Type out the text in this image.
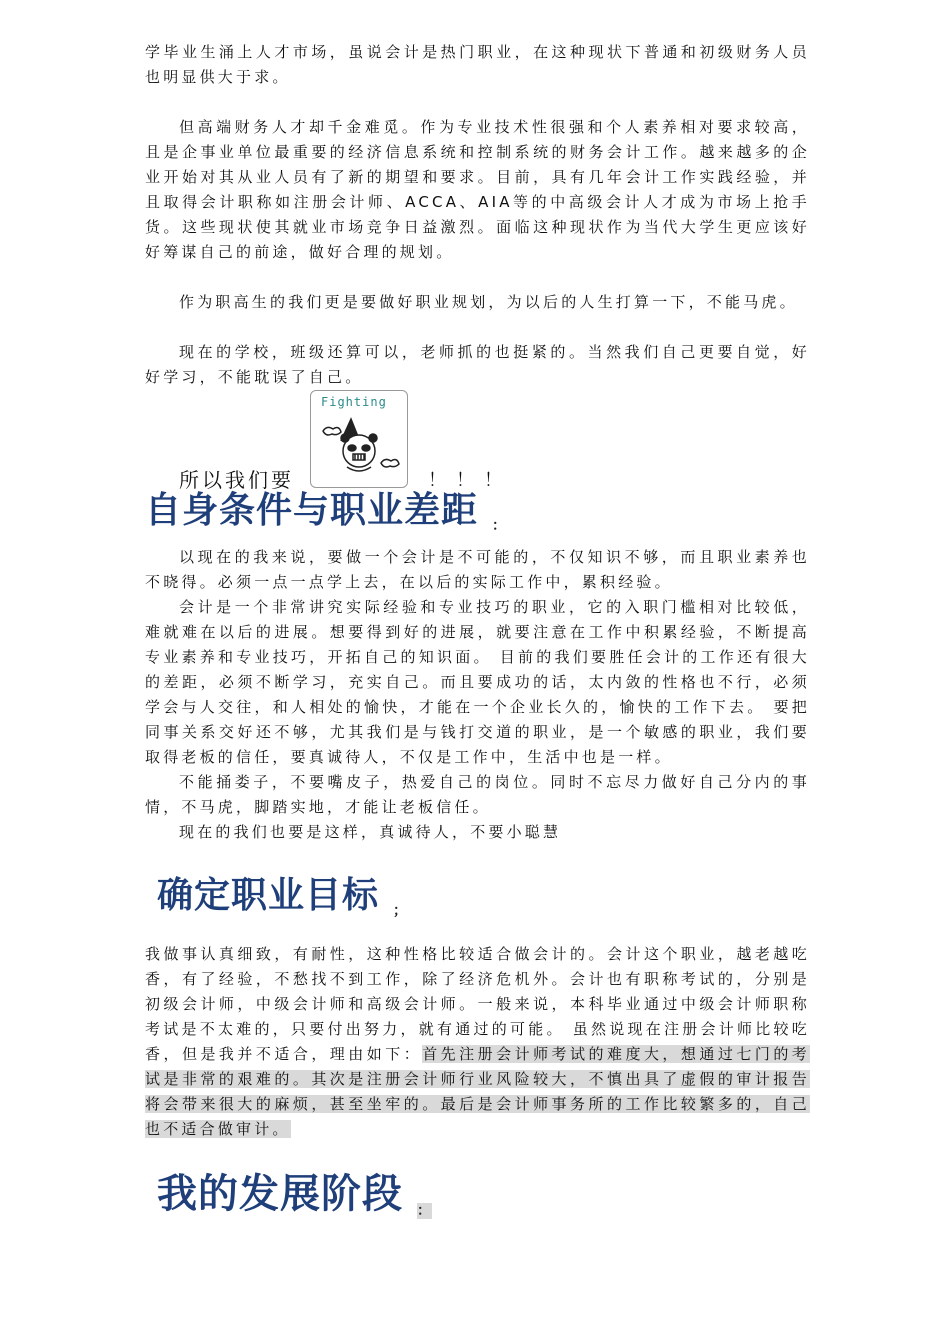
学毕业生涌上人才市场，虽说会计是热门职业，在这种现状下普通和初级财务人员也明显供大于求。

但高端财务人才却千金难觅。作为专业技术性很强和个人素养相对要求较高，且是企事业单位最重要的经济信息系统和控制系统的财务会计工作。越来越多的企业开始对其从业人员有了新的期望和要求。目前，具有几年会计工作实践经验，并且取得会计职称如注册会计师、ACCA、AIA等的中高级会计人才成为市场上抢手货。这些现状使其就业市场竞争日益激烈。面临这种现状作为当代大学生更应该好好筹谋自己的前途，做好合理的规划。

作为职高生的我们更是要做好职业规划，为以后的人生打算一下，不能马虎。

现在的学校，班级还算可以，老师抓的也挺紧的。当然我们自己更要自觉，好好学习，不能耽误了自己。

所以我们要
Fighting
！！！
自身条件与职业差距 $_:$

以现在的我来说，要做一个会计是不可能的，不仅知识不够，而且职业素养也不晓得。必须一点一点学上去，在以后的实际工作中，累积经验。

会计是一个非常讲究实际经验和专业技巧的职业，它的入职门槛相对比较低，难就难在以后的进展。想要得到好的进展，就要注意在工作中积累经验，不断提高专业素养和专业技巧，开拓自己的知识面。 目前的我们要胜任会计的工作还有很大的差距，必须不断学习，充实自己。而且要成功的话，太内敛的性格也不行，必须学会与人交往，和人相处的愉快，才能在一个企业长久的，愉快的工作下去。 要把同事关系交好还不够，尤其我们是与钱打交道的职业，是一个敏感的职业，我们要取得老板的信任，要真诚待人，不仅是工作中，生活中也是一样。

不能捅娄子，不要嘴皮子，热爱自己的岗位。同时不忘尽力做好自己分内的事情，不马虎，脚踏实地，才能让老板信任。

现在的我们也要是这样，真诚待人，不要小聪慧

确定职业目标 $_;$

我做事认真细致，有耐性，这种性格比较适合做会计的。会计这个职业，越老越吃香，有了经验，不愁找不到工作，除了经济危机外。会计也有职称考试的，分别是初级会计师，中级会计师和高级会计师。一般来说，本科毕业通过中级会计师职称考试是不太难的，只要付出努力，就有通过的可能。 虽然说现在注册会计师比较吃香，但是我并不适合，理由如下：首先注册会计师考试的难度大，想通过七门的考试是非常的艰难的。其次是注册会计师行业风险较大，不慎出具了虚假的审计报告将会带来很大的麻烦，甚至坐牢的。最后是会计师事务所的工作比较繁多的，自己也不适合做审计。

我的发展阶段 $_:$
